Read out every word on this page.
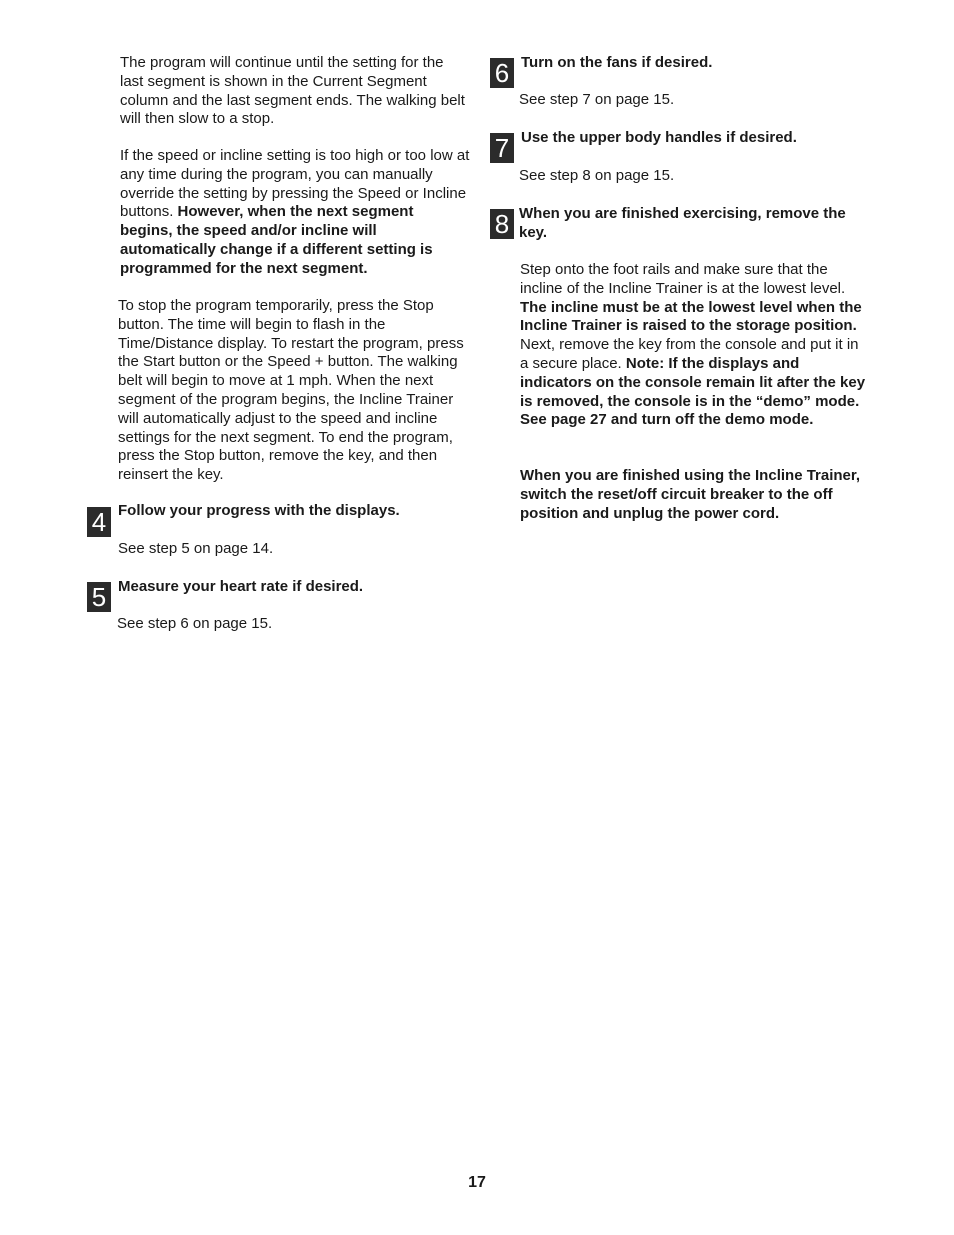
The program will continue until the setting for the last segment is shown in the Current Segment column and the last segment ends. The walking belt will then slow to a stop.

If the speed or incline setting is too high or too low at any time during the program, you can manually override the setting by pressing the Speed or Incline buttons. However, when the next segment begins, the speed and/or incline will automatically change if a different setting is programmed for the next segment.

To stop the program temporarily, press the Stop button. The time will begin to flash in the Time/Distance display. To restart the program, press the Start button or the Speed + button. The walking belt will begin to move at 1 mph. When the next segment of the program begins, the Incline Trainer will automatically adjust to the speed and incline settings for the next segment. To end the program, press the Stop button, remove the key, and then reinsert the key.

4 Follow your progress with the displays.

See step 5 on page 14.

5 Measure your heart rate if desired.

See step 6 on page 15.

6 Turn on the fans if desired.

See step 7 on page 15.

7 Use the upper body handles if desired.

See step 8 on page 15.

8 When you are finished exercising, remove the key.

Step onto the foot rails and make sure that the incline of the Incline Trainer is at the lowest level. The incline must be at the lowest level when the Incline Trainer is raised to the storage position. Next, remove the key from the console and put it in a secure place. Note: If the displays and indicators on the console remain lit after the key is removed, the console is in the “demo” mode. See page 27 and turn off the demo mode.

When you are finished using the Incline Trainer, switch the reset/off circuit breaker to the off position and unplug the power cord.

17
